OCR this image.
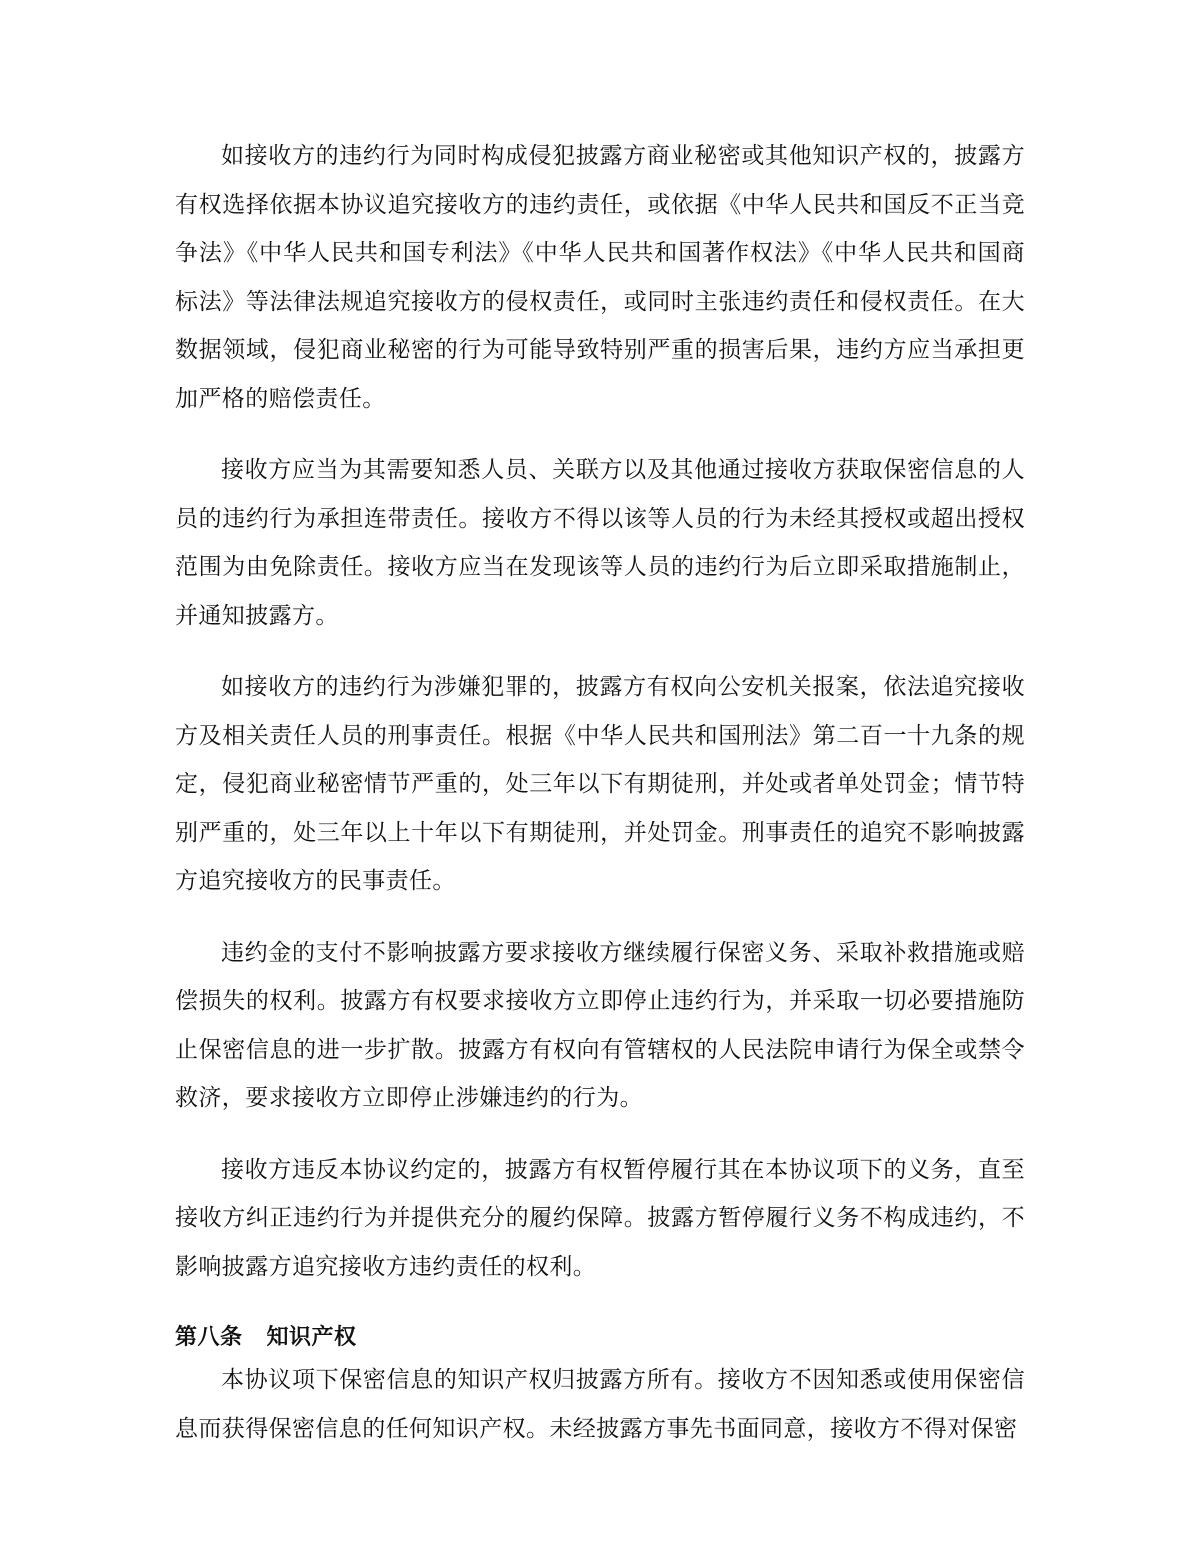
如接收方的违约行为同时构成侵犯披露方商业秘密或其他知识产权的，披露方有权选择依据本协议追究接收方的违约责任，或依据《中华人民共和国反不正当竞争法》《中华人民共和国专利法》《中华人民共和国著作权法》《中华人民共和国商标法》等法律法规追究接收方的侵权责任，或同时主张违约责任和侵权责任。在大数据领域，侵犯商业秘密的行为可能导致特别严重的损害后果，违约方应当承担更加严格的赔偿责任。

接收方应当为其需要知悉人员、关联方以及其他通过接收方获取保密信息的人员的违约行为承担连带责任。接收方不得以该等人员的行为未经其授权或超出授权范围为由免除责任。接收方应当在发现该等人员的违约行为后立即采取措施制止，并通知披露方。

如接收方的违约行为涉嫌犯罪的，披露方有权向公安机关报案，依法追究接收方及相关责任人员的刑事责任。根据《中华人民共和国刑法》第二百一十九条的规定，侵犯商业秘密情节严重的，处三年以下有期徒刑，并处或者单处罚金；情节特别严重的，处三年以上十年以下有期徒刑，并处罚金。刑事责任的追究不影响披露方追究接收方的民事责任。

违约金的支付不影响披露方要求接收方继续履行保密义务、采取补救措施或赔偿损失的权利。披露方有权要求接收方立即停止违约行为，并采取一切必要措施防止保密信息的进一步扩散。披露方有权向有管辖权的人民法院申请行为保全或禁令救济，要求接收方立即停止涉嫌违约的行为。

接收方违反本协议约定的，披露方有权暂停履行其在本协议项下的义务，直至接收方纠正违约行为并提供充分的履约保障。披露方暂停履行义务不构成违约，不影响披露方追究接收方违约责任的权利。

第八条 知识产权

本协议项下保密信息的知识产权归披露方所有。接收方不因知悉或使用保密信息而获得保密信息的任何知识产权。未经披露方事先书面同意，接收方不得对保密
